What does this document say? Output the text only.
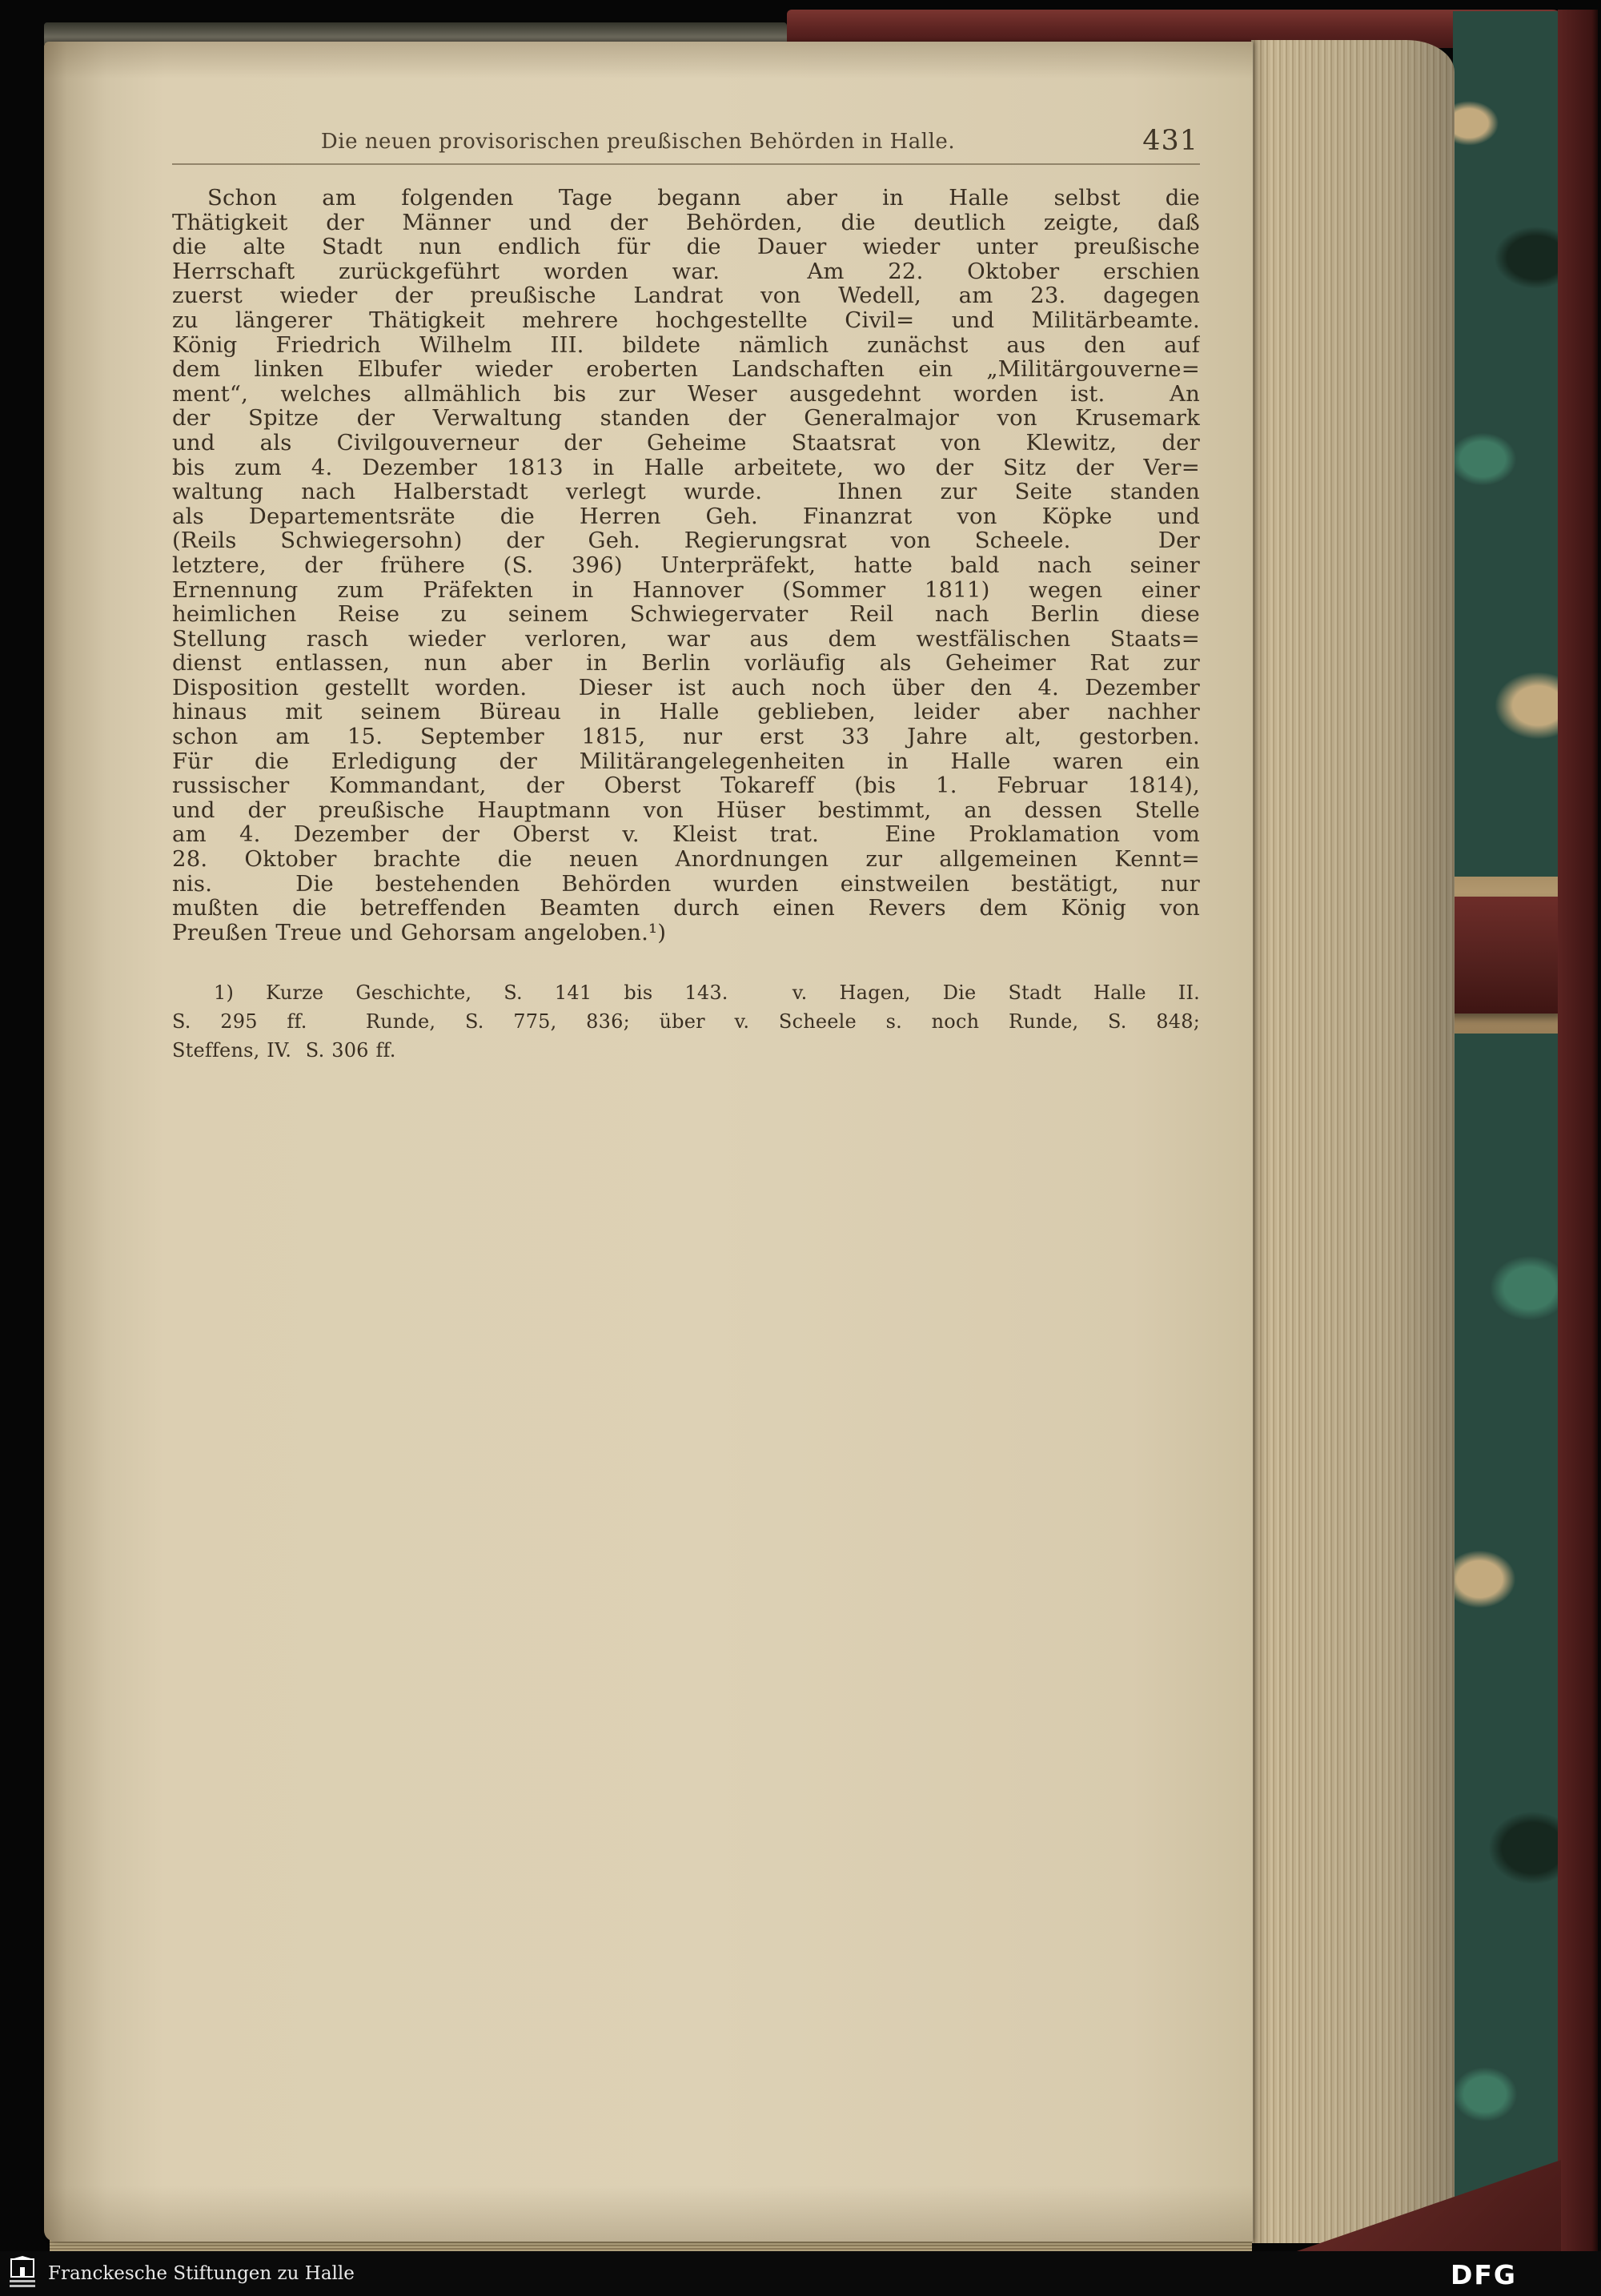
Die neuen provisorischen preußischen Behörden in Halle.	431
Schon am folgenden Tage begann aber in Halle selbst die
Thätigkeit der Männer und der Behörden, die deutlich zeigte, daß
die alte Stadt nun endlich für die Dauer wieder unter preußische
Herrschaft zurückgeführt worden war.  Am 22. Oktober erschien
zuerst wieder der preußische Landrat von Wedell, am 23. dagegen
zu längerer Thätigkeit mehrere hochgestellte Civil= und Militärbeamte.
König Friedrich Wilhelm III. bildete nämlich zunächst aus den auf
dem linken Elbufer wieder eroberten Landschaften ein „Militärgouverne=
ment“, welches allmählich bis zur Weser ausgedehnt worden ist.  An
der Spitze der Verwaltung standen der Generalmajor von Krusemark
und als Civilgouverneur der Geheime Staatsrat von Klewitz, der
bis zum 4. Dezember 1813 in Halle arbeitete, wo der Sitz der Ver=
waltung nach Halberstadt verlegt wurde.  Ihnen zur Seite standen
als Departementsräte die Herren Geh. Finanzrat von Köpke und
(Reils Schwiegersohn) der Geh. Regierungsrat von Scheele.  Der
letztere, der frühere (S. 396) Unterpräfekt, hatte bald nach seiner
Ernennung zum Präfekten in Hannover (Sommer 1811) wegen einer
heimlichen Reise zu seinem Schwiegervater Reil nach Berlin diese
Stellung rasch wieder verloren, war aus dem westfälischen Staats=
dienst entlassen, nun aber in Berlin vorläufig als Geheimer Rat zur
Disposition gestellt worden.  Dieser ist auch noch über den 4. Dezember
hinaus mit seinem Büreau in Halle geblieben, leider aber nachher
schon am 15. September 1815, nur erst 33 Jahre alt, gestorben.
Für die Erledigung der Militärangelegenheiten in Halle waren ein
russischer Kommandant, der Oberst Tokareff (bis 1. Februar 1814),
und der preußische Hauptmann von Hüser bestimmt, an dessen Stelle
am 4. Dezember der Oberst v. Kleist trat.  Eine Proklamation vom
28. Oktober brachte die neuen Anordnungen zur allgemeinen Kennt=
nis.  Die bestehenden Behörden wurden einstweilen bestätigt, nur
mußten die betreffenden Beamten durch einen Revers dem König von
Preußen Treue und Gehorsam angeloben.¹)
1) Kurze Geschichte, S. 141 bis 143.  v. Hagen, Die Stadt Halle II.
S. 295 ff.  Runde, S. 775, 836; über v. Scheele s. noch Runde, S. 848;
Steffens, IV.  S. 306 ff.
Franckesche Stiftungen zu Halle	DFG
